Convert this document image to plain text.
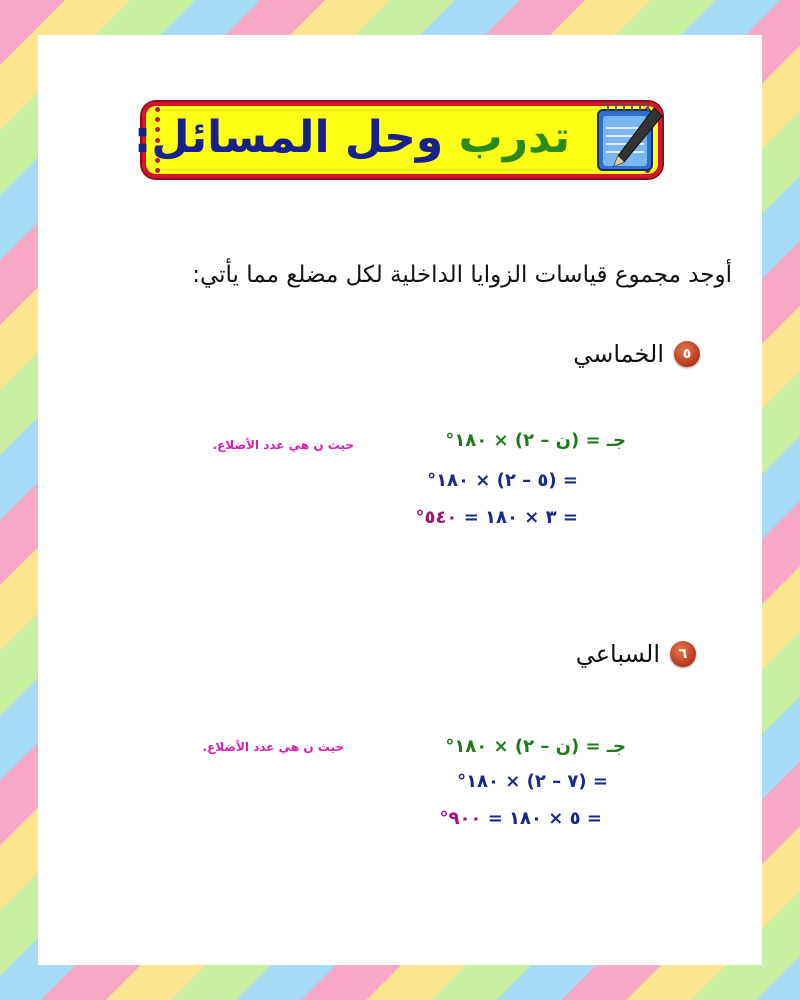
تدرب وحل المسائل:
أوجد مجموع قياسات الزوايا الداخلية لكل مضلع مما يأتي:
٥
الخماسي
جـ = (ن – ٢) × ١٨٠°
حيث ن هي عدد الأضلاع.
= (٥ – ٢) × ١٨٠°
= ٣ × ١٨٠ = ٥٤٠°
٦
السباعي
جـ = (ن – ٢) × ١٨٠°
حيث ن هي عدد الأضلاع.
= (٧ – ٢) × ١٨٠°
= ٥ × ١٨٠ = ٩٠٠°
